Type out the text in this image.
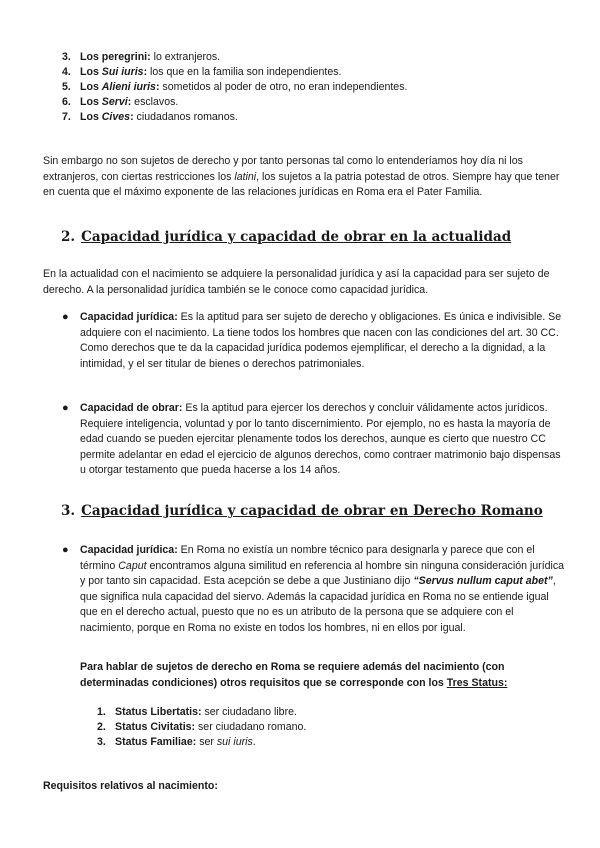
3. Los peregrini: lo extranjeros.
4. Los Sui iuris: los que en la familia son independientes.
5. Los Alieni iuris: sometidos al poder de otro, no eran independientes.
6. Los Servi: esclavos.
7. Los Cives: ciudadanos romanos.
Sin embargo no son sujetos de derecho y por tanto personas tal como lo entenderíamos hoy día ni los extranjeros, con ciertas restricciones los latini, los sujetos a la patria potestad de otros. Siempre hay que tener en cuenta que el máximo exponente de las relaciones jurídicas en Roma era el Pater Familia.
2. Capacidad jurídica y capacidad de obrar en la actualidad
En la actualidad con el nacimiento se adquiere la personalidad jurídica y así la capacidad para ser sujeto de derecho. A la personalidad jurídica también se le conoce como capacidad jurídica.
● Capacidad jurídica: Es la aptitud para ser sujeto de derecho y obligaciones. Es única e indivisible. Se adquiere con el nacimiento. La tiene todos los hombres que nacen con las condiciones del art. 30 CC. Como derechos que te da la capacidad jurídica podemos ejemplificar, el derecho a la dignidad, a la intimidad, y el ser titular de bienes o derechos patrimoniales.
● Capacidad de obrar: Es la aptitud para ejercer los derechos y concluir válidamente actos jurídicos. Requiere inteligencia, voluntad y por lo tanto discernimiento. Por ejemplo, no es hasta la mayoría de edad cuando se pueden ejercitar plenamente todos los derechos, aunque es cierto que nuestro CC permite adelantar en edad el ejercicio de algunos derechos, como contraer matrimonio bajo dispensas u otorgar testamento que pueda hacerse a los 14 años.
3. Capacidad jurídica y capacidad de obrar en Derecho Romano
● Capacidad jurídica: En Roma no existía un nombre técnico para designarla y parece que con el término Caput encontramos alguna similitud en referencia al hombre sin ninguna consideración jurídica y por tanto sin capacidad. Esta acepción se debe a que Justiniano dijo “Servus nullum caput abet”, que significa nula capacidad del siervo. Además la capacidad jurídica en Roma no se entiende igual que en el derecho actual, puesto que no es un atributo de la persona que se adquiere con el nacimiento, porque en Roma no existe en todos los hombres, ni en ellos por igual.
Para hablar de sujetos de derecho en Roma se requiere además del nacimiento (con determinadas condiciones) otros requisitos que se corresponde con los Tres Status:
1. Status Libertatis: ser ciudadano libre.
2. Status Civitatis: ser ciudadano romano.
3. Status Familiae: ser sui iuris.
Requisitos relativos al nacimiento:
